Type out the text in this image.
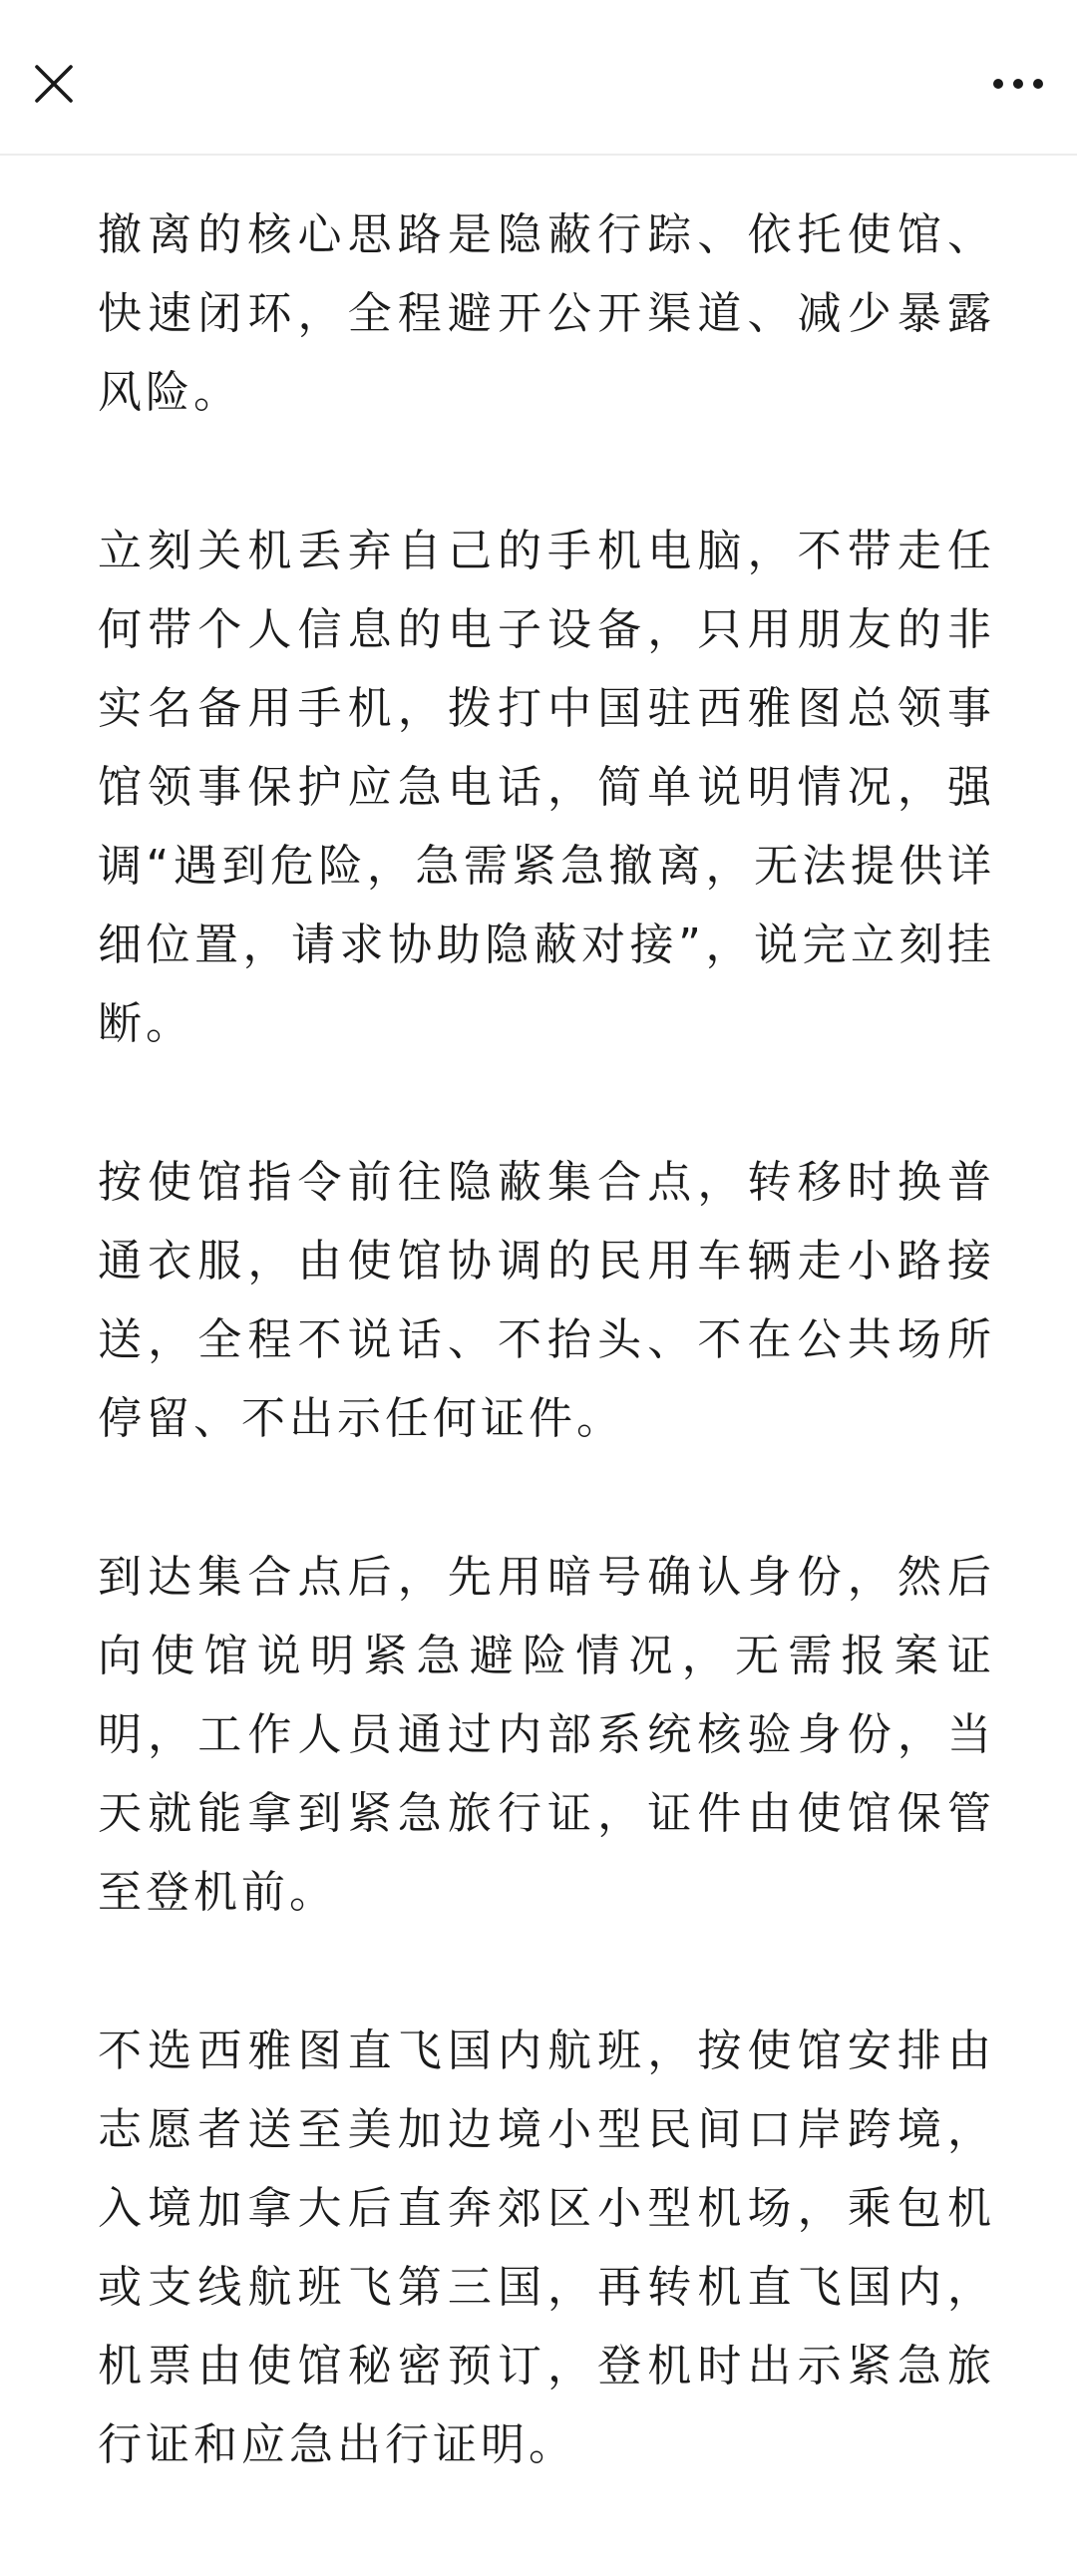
撤离的核心思路是隐蔽行踪、依托使馆、快速闭环，全程避开公开渠道、减少暴露风险。

立刻关机丢弃自己的手机电脑，不带走任何带个人信息的电子设备，只用朋友的非实名备用手机，拨打中国驻西雅图总领事馆领事保护应急电话，简单说明情况，强调“遇到危险，急需紧急撤离，无法提供详细位置，请求协助隐蔽对接”，说完立刻挂断。

按使馆指令前往隐蔽集合点，转移时换普通衣服，由使馆协调的民用车辆走小路接送，全程不说话、不抬头、不在公共场所停留、不出示任何证件。

到达集合点后，先用暗号确认身份，然后向使馆说明紧急避险情况，无需报案证明，工作人员通过内部系统核验身份，当天就能拿到紧急旅行证，证件由使馆保管至登机前。

不选西雅图直飞国内航班，按使馆安排由志愿者送至美加边境小型民间口岸跨境，入境加拿大后直奔郊区小型机场，乘包机或支线航班飞第三国，再转机直飞国内，机票由使馆秘密预订，登机时出示紧急旅行证和应急出行证明。
